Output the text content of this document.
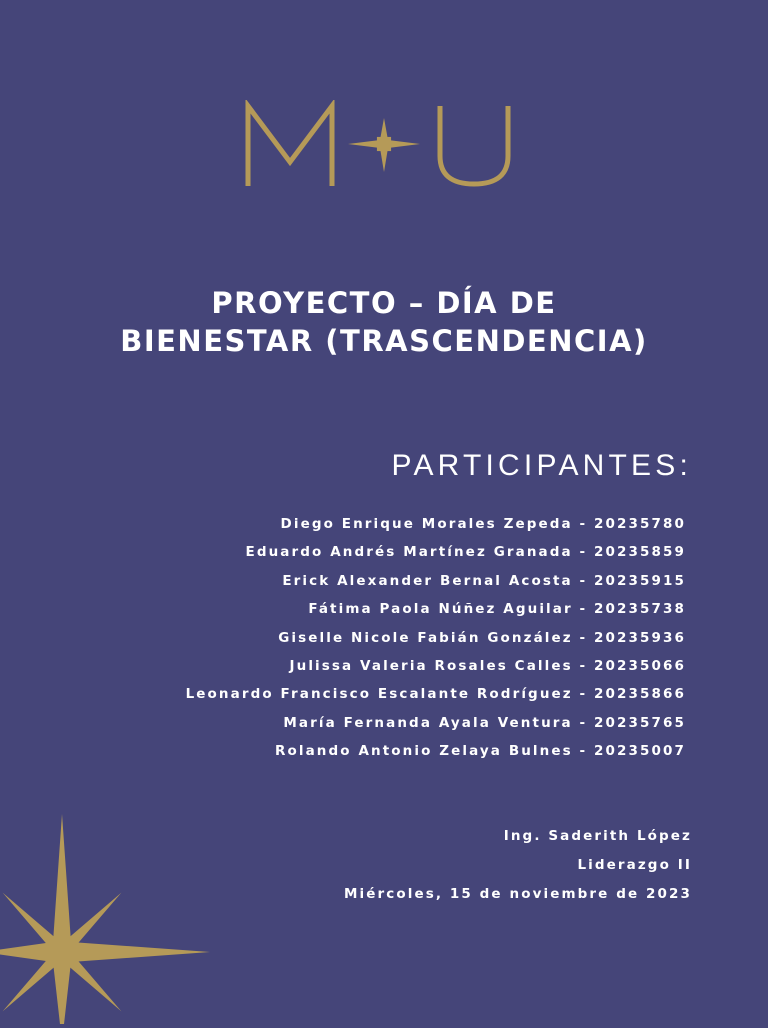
PROYECTO – DÍA DE
BIENESTAR (TRASCENDENCIA)
PARTICIPANTES:
Diego Enrique Morales Zepeda - 20235780
Eduardo Andrés Martínez Granada - 20235859
Erick Alexander Bernal Acosta - 20235915
Fátima Paola Núñez Aguilar - 20235738
Giselle Nicole Fabián González - 20235936
Julissa Valeria Rosales Calles - 20235066
Leonardo Francisco Escalante Rodríguez - 20235866
María Fernanda Ayala Ventura - 20235765
Rolando Antonio Zelaya Bulnes - 20235007
Ing. Saderith López
Liderazgo II
Miércoles, 15 de noviembre de 2023
